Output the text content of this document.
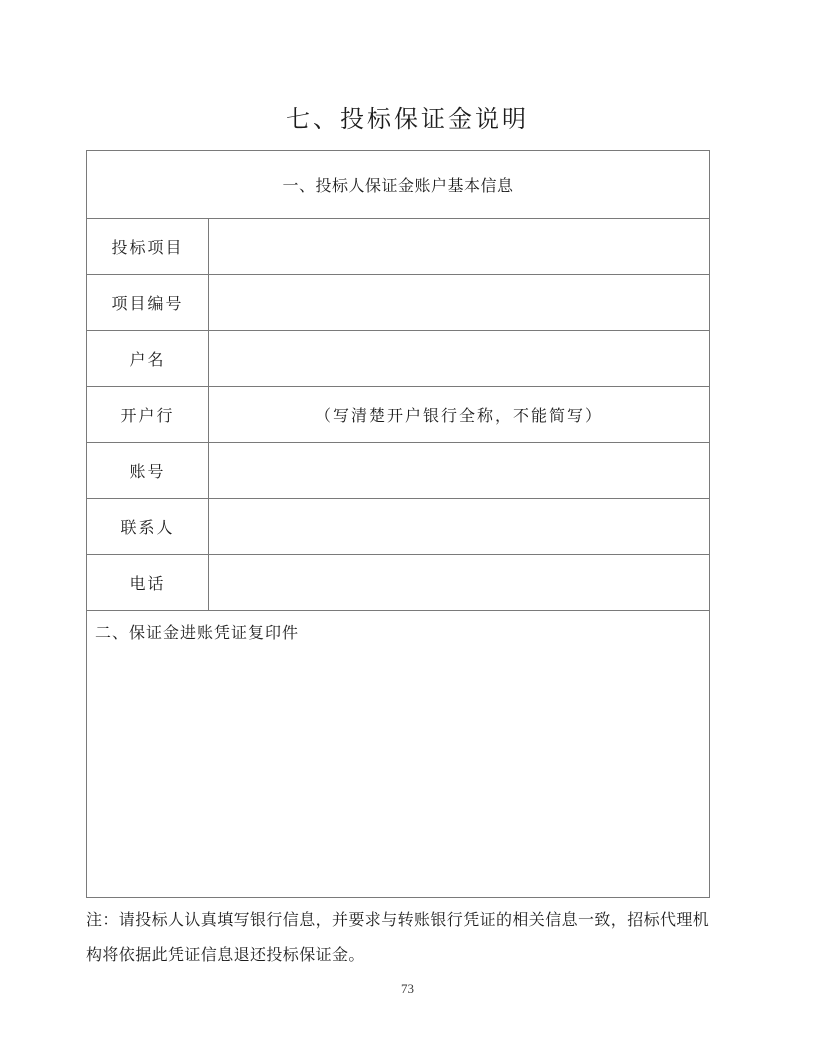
七、投标保证金说明
一、投标人保证金账户基本信息
投标项目
项目编号
户名
开户行	（写清楚开户银行全称，不能简写）
账号
联系人
电话
二、保证金进账凭证复印件
注：请投标人认真填写银行信息，并要求与转账银行凭证的相关信息一致，招标代理机
构将依据此凭证信息退还投标保证金。
73
